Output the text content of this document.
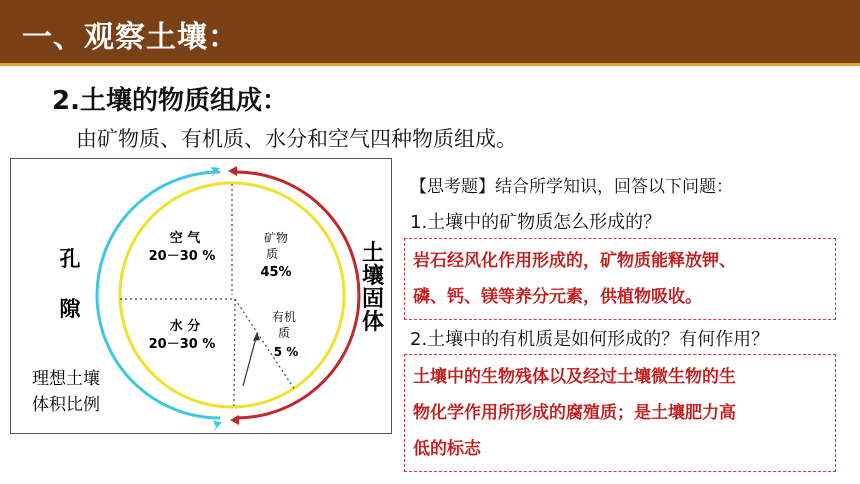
一、观察土壤：
2.土壤的物质组成：
由矿物质、有机质、水分和空气四种物质组成。
孔
隙
土
壤
固
体
空 气
20－30 %
矿物
质
45%
水 分
20－30 %
有机
质
5 %
理想土壤
体积比例
【思考题】结合所学知识，回答以下问题：
1.土壤中的矿物质怎么形成的？
岩石经风化作用形成的，矿物质能释放钾、
磷、钙、镁等养分元素，供植物吸收。
2.土壤中的有机质是如何形成的？有何作用？
土壤中的生物残体以及经过土壤微生物的生
物化学作用所形成的腐殖质；是土壤肥力高
低的标志
